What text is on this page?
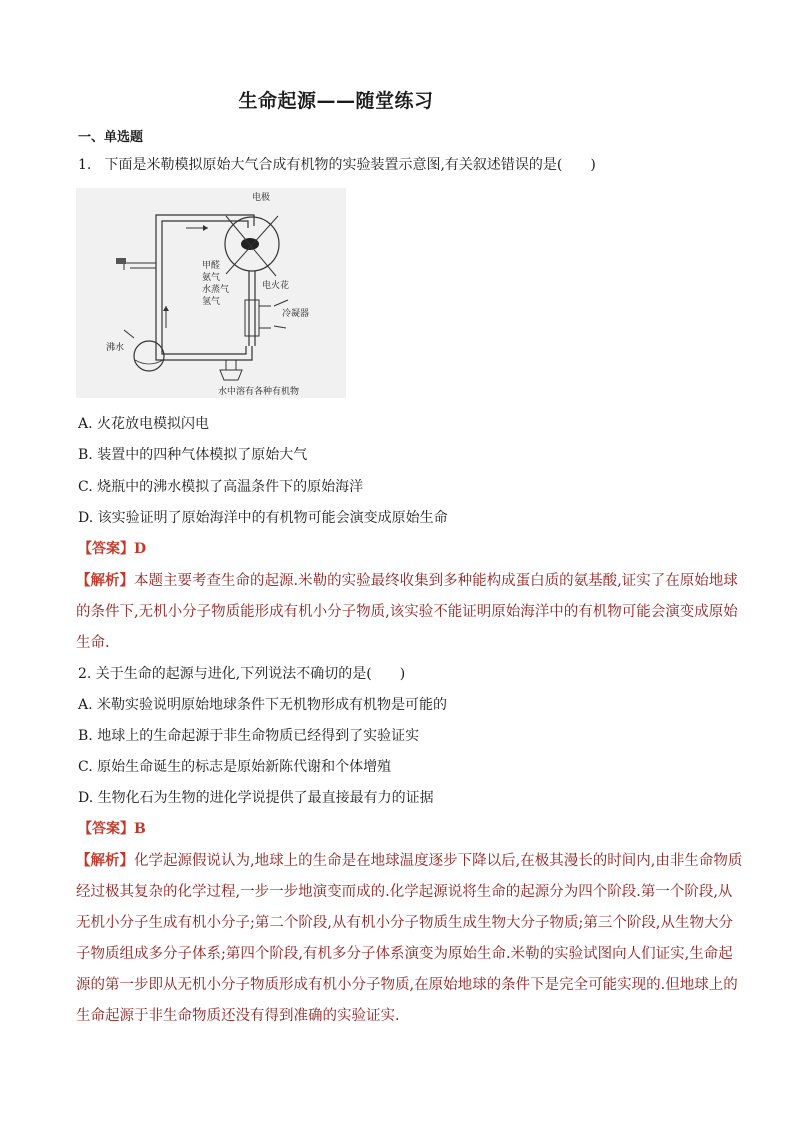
生命起源——随堂练习
一、单选题
1. 下面是米勒模拟原始大气合成有机物的实验装置示意图,有关叙述错误的是(　　)
电极
甲醛
氨气
水蒸气
氢气
电火花
冷凝器
沸水
水中溶有各种有机物
A. 火花放电模拟闪电
B. 装置中的四种气体模拟了原始大气
C. 烧瓶中的沸水模拟了高温条件下的原始海洋
D. 该实验证明了原始海洋中的有机物可能会演变成原始生命
【答案】D
【解析】本题主要考查生命的起源.米勒的实验最终收集到多种能构成蛋白质的氨基酸,证实了在原始地球
的条件下,无机小分子物质能形成有机小分子物质,该实验不能证明原始海洋中的有机物可能会演变成原始
生命.
2. 关于生命的起源与进化,下列说法不确切的是(　　)
A. 米勒实验说明原始地球条件下无机物形成有机物是可能的
B. 地球上的生命起源于非生命物质已经得到了实验证实
C. 原始生命诞生的标志是原始新陈代谢和个体增殖
D. 生物化石为生物的进化学说提供了最直接最有力的证据
【答案】B
【解析】化学起源假说认为,地球上的生命是在地球温度逐步下降以后,在极其漫长的时间内,由非生命物质
经过极其复杂的化学过程,一步一步地演变而成的.化学起源说将生命的起源分为四个阶段.第一个阶段,从
无机小分子生成有机小分子;第二个阶段,从有机小分子物质生成生物大分子物质;第三个阶段,从生物大分
子物质组成多分子体系;第四个阶段,有机多分子体系演变为原始生命.米勒的实验试图向人们证实,生命起
源的第一步即从无机小分子物质形成有机小分子物质,在原始地球的条件下是完全可能实现的.但地球上的
生命起源于非生命物质还没有得到准确的实验证实.
